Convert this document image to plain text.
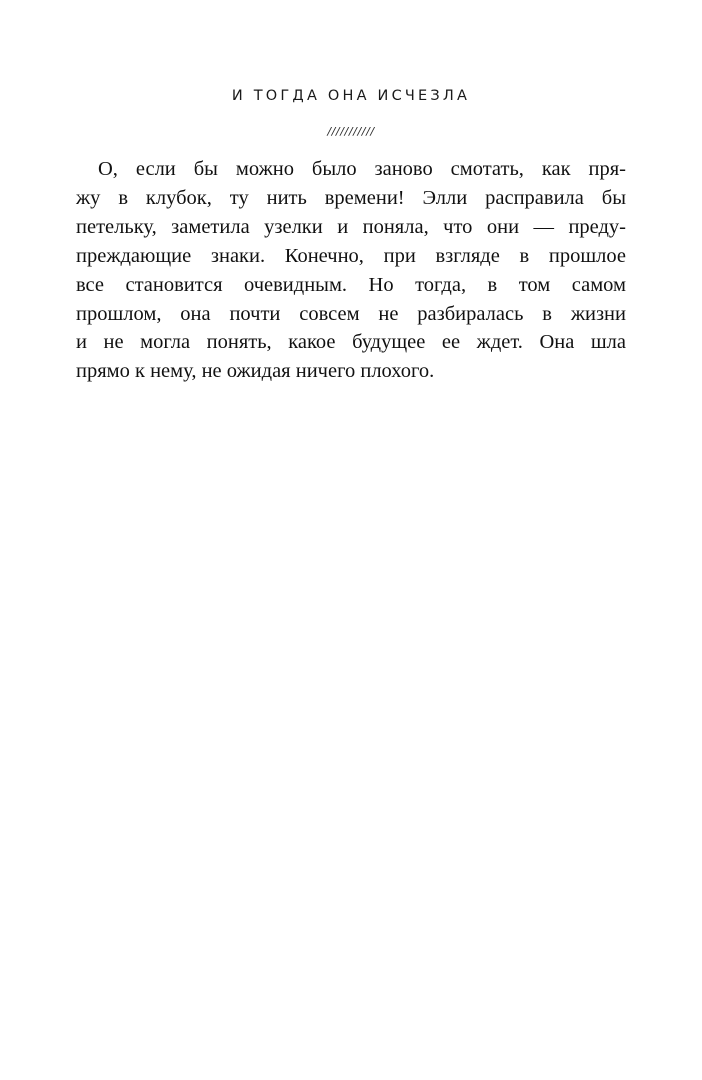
И ТОГДА ОНА ИСЧЕЗЛА
///////////

О, если бы можно было заново смотать, как пря-
жу в клубок, ту нить времени! Элли расправила бы
петельку, заметила узелки и поняла, что они — преду-
преждающие знаки. Конечно, при взгляде в прошлое
все становится очевидным. Но тогда, в том самом
прошлом, она почти совсем не разбиралась в жизни
и не могла понять, какое будущее ее ждет. Она шла
прямо к нему, не ожидая ничего плохого.
